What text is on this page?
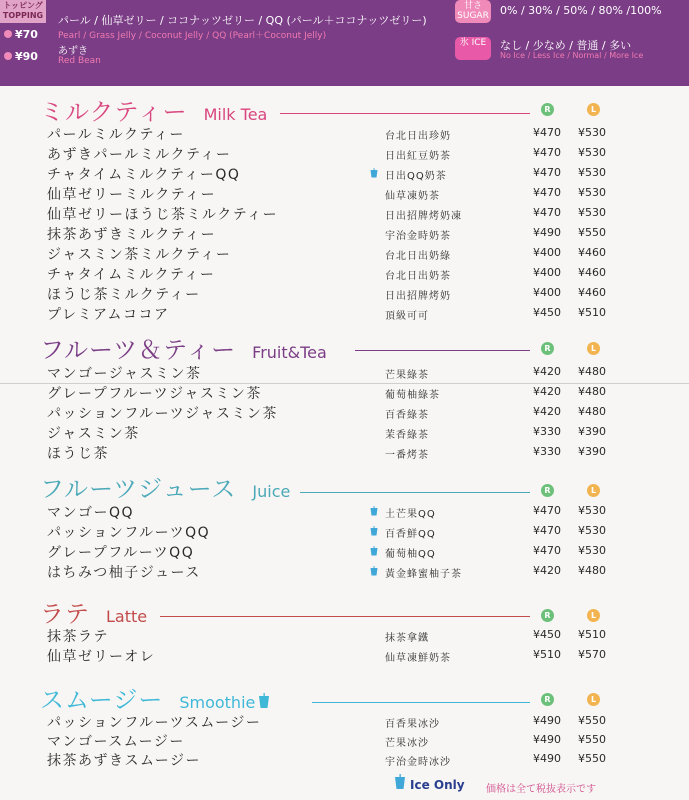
トッピング TOPPING
¥70
¥90
パール / 仙草ゼリー / ココナッツゼリー / QQ (パール＋ココナッツゼリー)
Pearl / Grass Jelly / Coconut Jelly / QQ (Pearl＋Coconut Jelly)
あずき
Red Bean
甘さ SUGAR 0% / 30% / 50% / 80% /100%
氷 ICE	なし / 少なめ / 普通 / 多い
No Ice / Less Ice / Normal / More Ice
ミルクティー Milk Tea	R	L
パールミルクティー	台北日出珍奶	¥470 ¥530
あずきパールミルクティー	日出紅豆奶茶	¥470 ¥530
チャタイムミルクティーQQ	日出QQ奶茶	¥470 ¥530
仙草ゼリーミルクティー	仙草凍奶茶	¥470 ¥530
仙草ゼリーほうじ茶ミルクティー	日出招牌烤奶凍	¥470 ¥530
抹茶あずきミルクティー	宇治金時奶茶	¥490 ¥550
ジャスミン茶ミルクティー	台北日出奶綠	¥400 ¥460
チャタイムミルクティー	台北日出奶茶	¥400 ¥460
ほうじ茶ミルクティー	日出招牌烤奶	¥400 ¥460
プレミアムココア	頂級可可	¥450 ¥510
フルーツ＆ティー Fruit&Tea	R	L
マンゴージャスミン茶	芒果綠茶	¥420 ¥480
グレープフルーツジャスミン茶	葡萄柚綠茶	¥420 ¥480
パッションフルーツジャスミン茶	百香綠茶	¥420 ¥480
ジャスミン茶	茉香綠茶	¥330 ¥390
ほうじ茶	一番烤茶	¥330 ¥390
フルーツジュース Juice	R	L
マンゴーQQ	土芒果QQ	¥470 ¥530
パッションフルーツQQ	百香鮮QQ	¥470 ¥530
グレープフルーツQQ	葡萄柚QQ	¥470 ¥530
はちみつ柚子ジュース	黃金蜂蜜柚子茶	¥420 ¥480
ラテ Latte	R	L
抹茶ラテ	抹茶拿鐵	¥450 ¥510
仙草ゼリーオレ	仙草凍鮮奶茶	¥510 ¥570
スムージー Smoothie	R	L
パッションフルーツスムージー	百香果冰沙	¥490 ¥550
マンゴースムージー	芒果冰沙	¥490 ¥550
抹茶あずきスムージー	宇治金時冰沙	¥490 ¥550
Ice Only 価格は全て税抜表示です
